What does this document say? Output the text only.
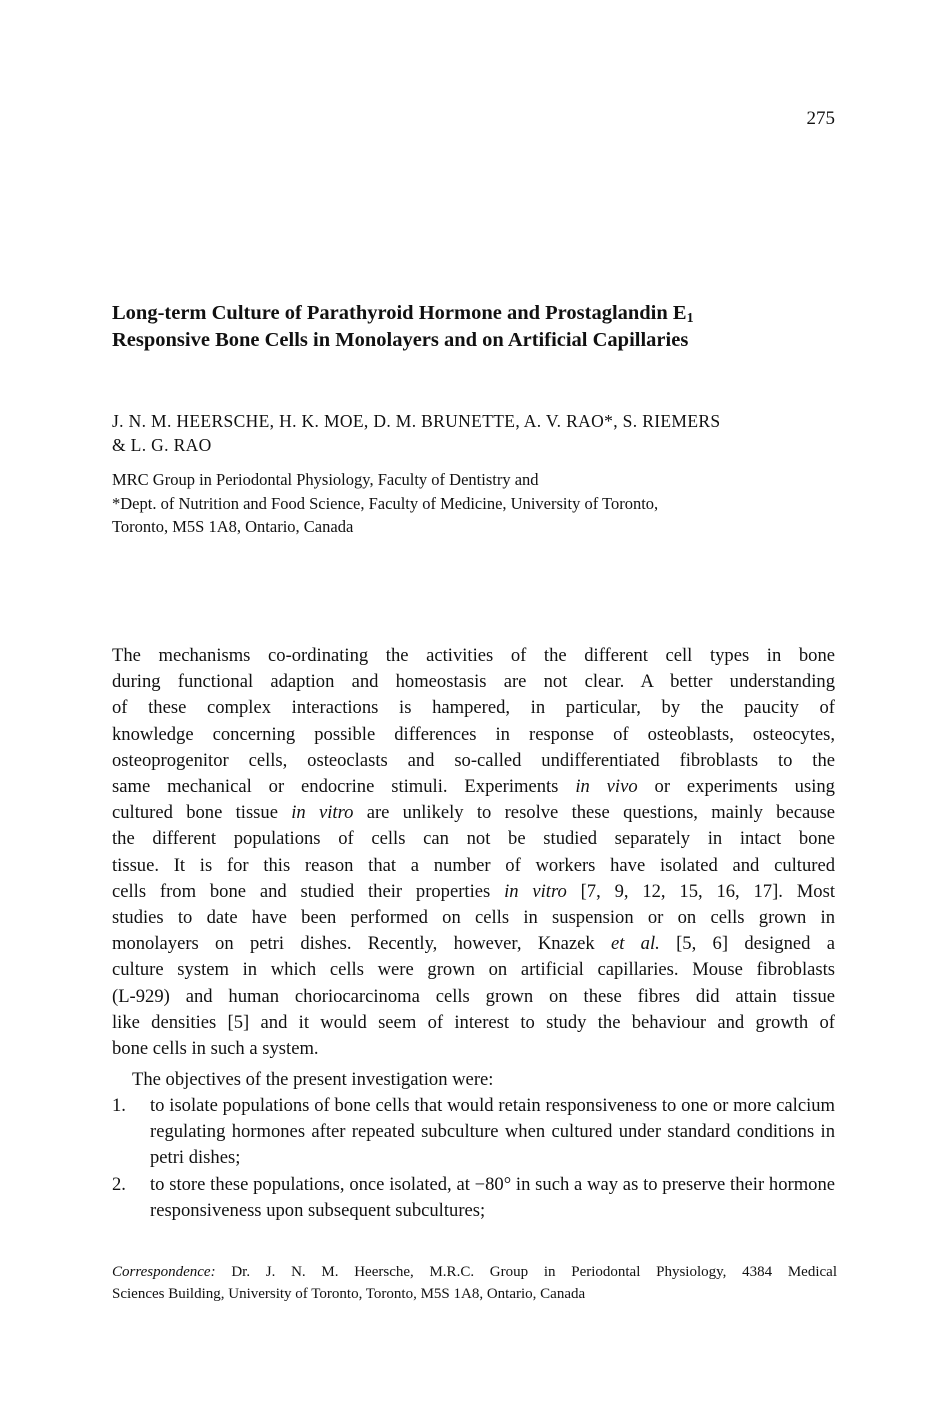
275
Long-term Culture of Parathyroid Hormone and Prostaglandin $E_1$
Responsive Bone Cells in Monolayers and on Artificial Capillaries

J. N. M. HEERSCHE, H. K. MOE, D. M. BRUNETTE, A. V. RAO*, S. RIEMERS
& L. G. RAO

MRC Group in Periodontal Physiology, Faculty of Dentistry and
*Dept. of Nutrition and Food Science, Faculty of Medicine, University of Toronto,
Toronto, M5S 1A8, Ontario, Canada

The mechanisms co-ordinating the activities of the different cell types in bone
during functional adaption and homeostasis are not clear. A better understanding
of these complex interactions is hampered, in particular, by the paucity of
knowledge concerning possible differences in response of osteoblasts, osteocytes,
osteoprogenitor cells, osteoclasts and so-called undifferentiated fibroblasts to the
same mechanical or endocrine stimuli. Experiments in vivo or experiments using
cultured bone tissue in vitro are unlikely to resolve these questions, mainly because
the different populations of cells can not be studied separately in intact bone
tissue. It is for this reason that a number of workers have isolated and cultured
cells from bone and studied their properties in vitro [7, 9, 12, 15, 16, 17]. Most
studies to date have been performed on cells in suspension or on cells grown in
monolayers on petri dishes. Recently, however, Knazek et al. [5, 6] designed a
culture system in which cells were grown on artificial capillaries. Mouse fibroblasts
(L-929) and human choriocarcinoma cells grown on these fibres did attain tissue
like densities [5] and it would seem of interest to study the behaviour and growth of
bone cells in such a system.

The objectives of the present investigation were:

1. to isolate populations of bone cells that would retain responsiveness to one or more calcium regulating hormones after repeated subculture when cultured under standard conditions in petri dishes;
2. to store these populations, once isolated, at −80° in such a way as to preserve their hormone responsiveness upon subsequent subcultures;

Correspondence: Dr. J. N. M. Heersche, M.R.C. Group in Periodontal Physiology, 4384 Medical
Sciences Building, University of Toronto, Toronto, M5S 1A8, Ontario, Canada
